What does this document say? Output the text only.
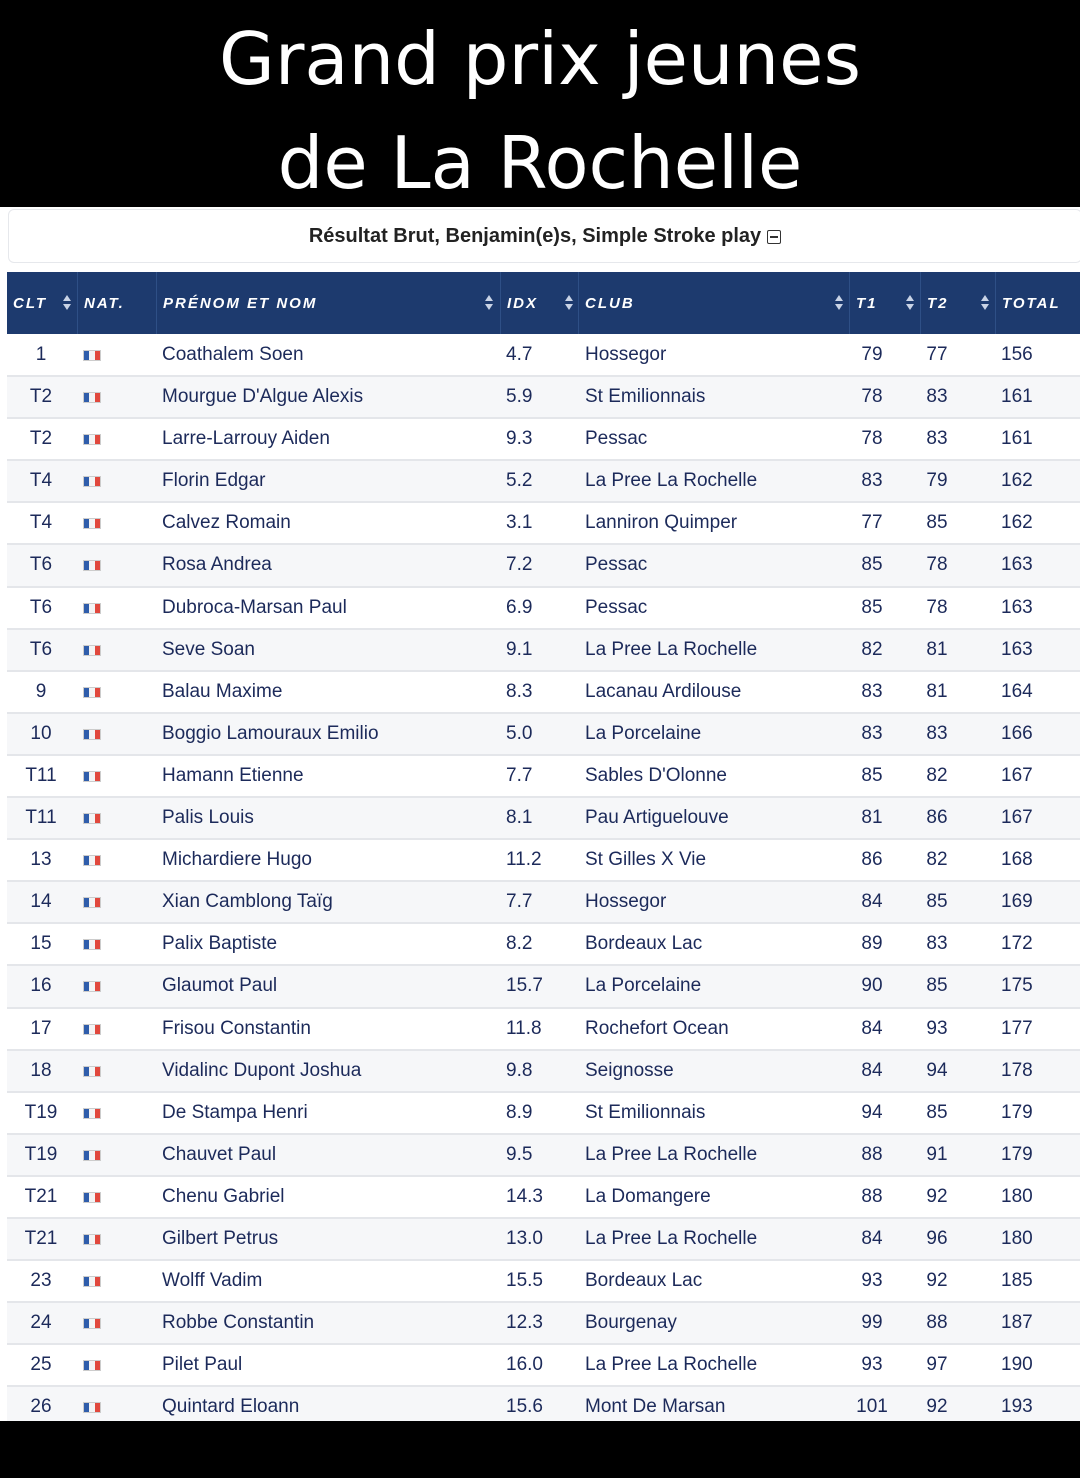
Grand prix jeunes
de La Rochelle
Résultat Brut, Benjamin(e)s, Simple Stroke play
CLT NAT.	PRÉNOM ET NOM	IDX	CLUB	T1	T2	TOTAL
1	Coathalem Soen	4.7	Hossegor	79	77	156
T2	Mourgue D'Algue Alexis	5.9	St Emilionnais	78	83	161
T2	Larre-Larrouy Aiden	9.3	Pessac	78	83	161
T4	Florin Edgar	5.2	La Pree La Rochelle	83	79	162
T4	Calvez Romain	3.1	Lanniron Quimper	77	85	162
T6	Rosa Andrea	7.2	Pessac	85	78	163
T6	Dubroca-Marsan Paul	6.9	Pessac	85	78	163
T6	Seve Soan	9.1	La Pree La Rochelle	82	81	163
9	Balau Maxime	8.3	Lacanau Ardilouse	83	81	164
10	Boggio Lamouraux Emilio	5.0	La Porcelaine	83	83	166
T11	Hamann Etienne	7.7	Sables D'Olonne	85	82	167
T11	Palis Louis	8.1	Pau Artiguelouve	81	86	167
13	Michardiere Hugo	11.2 St Gilles X Vie	86	82	168
14	Xian Camblong Taïg	7.7	Hossegor	84	85	169
15	Palix Baptiste	8.2	Bordeaux Lac	89	83	172
16	Glaumot Paul	15.7 La Porcelaine	90	85	175
17	Frisou Constantin	11.8 Rochefort Ocean	84	93	177
18	Vidalinc Dupont Joshua	9.8	Seignosse	84	94	178
T19	De Stampa Henri	8.9	St Emilionnais	94	85	179
T19	Chauvet Paul	9.5	La Pree La Rochelle	88	91	179
T21	Chenu Gabriel	14.3 La Domangere	88	92	180
T21	Gilbert Petrus	13.0 La Pree La Rochelle	84	96	180
23	Wolff Vadim	15.5 Bordeaux Lac	93	92	185
24	Robbe Constantin	12.3 Bourgenay	99	88	187
25	Pilet Paul	16.0 La Pree La Rochelle	93	97	190
26	Quintard Eloann	15.6 Mont De Marsan	101	92	193
